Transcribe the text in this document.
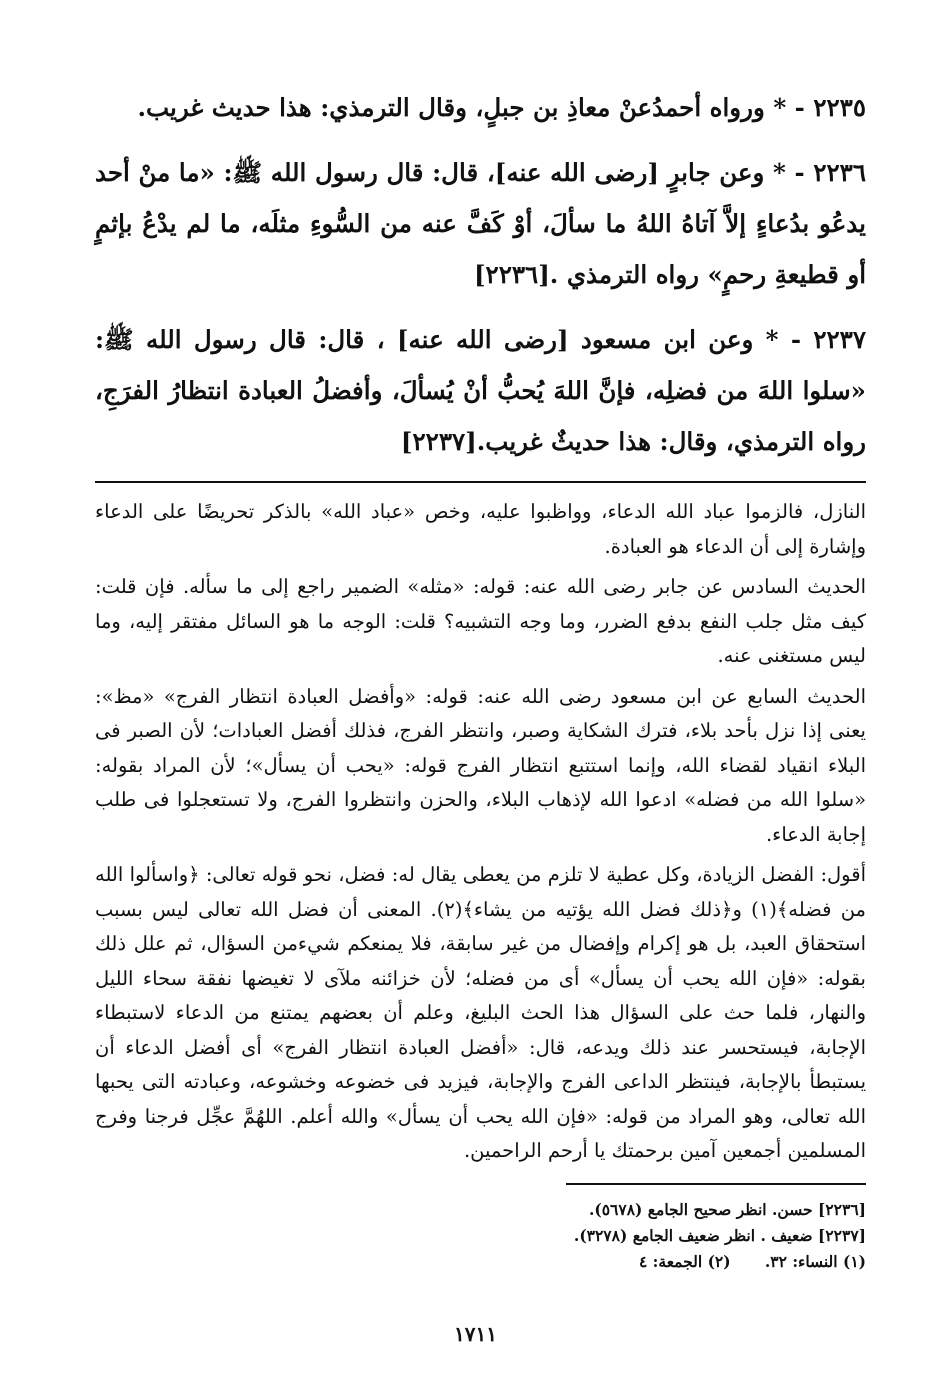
٢٢٣٥ - * ورواه أحمدُعنْ معاذِ بن جبلٍ، وقال الترمذي: هذا حديث غريب.

٢٢٣٦ - * وعن جابرٍ [رضى الله عنه]، قال: قال رسول الله ﷺ: «ما منْ أحد يدعُو بدُعاءٍ إلاَّ آتاهُ اللهُ ما سألَ، أوْ كَفَّ عنه من السُّوءِ مثلَه، ما لم يدْعُ بإثمٍ أو قطيعةِ رحمٍ» رواه الترمذي .[٢٢٣٦]

٢٢٣٧ - * وعن ابن مسعود [رضى الله عنه] ، قال: قال رسول الله ﷺ: «سلوا اللهَ من فضلِه، فإنَّ اللهَ يُحبُّ أنْ يُسألَ، وأفضلُ العبادة انتظارُ الفرَجِ، رواه الترمذي، وقال: هذا حديثٌ غريب.[٢٢٣٧]

النازل، فالزموا عباد الله الدعاء، وواظبوا عليه، وخص «عباد الله» بالذكر تحريضًا على الدعاء وإشارة إلى أن الدعاء هو العبادة.

الحديث السادس عن جابر رضى الله عنه: قوله: «مثله» الضمير راجع إلى ما سأله. فإن قلت: كيف مثل جلب النفع بدفع الضرر، وما وجه التشبيه؟ قلت: الوجه ما هو السائل مفتقر إليه، وما ليس مستغنى عنه.

الحديث السابع عن ابن مسعود رضى الله عنه: قوله: «وأفضل العبادة انتظار الفرج» «مظ»: يعنى إذا نزل بأحد بلاء، فترك الشكاية وصبر، وانتظر الفرج، فذلك أفضل العبادات؛ لأن الصبر فى البلاء انقياد لقضاء الله، وإنما استتبع انتظار الفرج قوله: «يحب أن يسأل»؛ لأن المراد بقوله: «سلوا الله من فضله» ادعوا الله لإذهاب البلاء، والحزن وانتظروا الفرج، ولا تستعجلوا فى طلب إجابة الدعاء.

أقول: الفضل الزيادة، وكل عطية لا تلزم من يعطى يقال له: فضل، نحو قوله تعالى: ﴿واسألوا الله من فضله﴾(١) و﴿ذلك فضل الله يؤتيه من يشاء﴾(٢). المعنى أن فضل الله تعالى ليس بسبب استحقاق العبد، بل هو إكرام وإفضال من غير سابقة، فلا يمنعكم شيءمن السؤال، ثم علل ذلك بقوله: «فإن الله يحب أن يسأل» أى من فضله؛ لأن خزائنه ملآى لا تغيضها نفقة سحاء الليل والنهار، فلما حث على السؤال هذا الحث البليغ، وعلم أن بعضهم يمتنع من الدعاء لاستبطاء الإجابة، فيستحسر عند ذلك ويدعه، قال: «أفضل العبادة انتظار الفرج» أى أفضل الدعاء أن يستبطأ بالإجابة، فينتظر الداعى الفرج والإجابة، فيزيد فى خضوعه وخشوعه، وعبادته التى يحبها الله تعالى، وهو المراد من قوله: «فإن الله يحب أن يسأل» والله أعلم. اللهُمَّ عجِّل فرجنا وفرج المسلمين أجمعين آمين برحمتك يا أرحم الراحمين.

[٢٢٣٦] حسن. انظر صحيح الجامع (٥٦٧٨).
[٢٢٣٧] ضعيف . انظر ضعيف الجامع (٣٢٧٨).
(١) النساء: ٣٢. (٢) الجمعة: ٤
١٧١١
